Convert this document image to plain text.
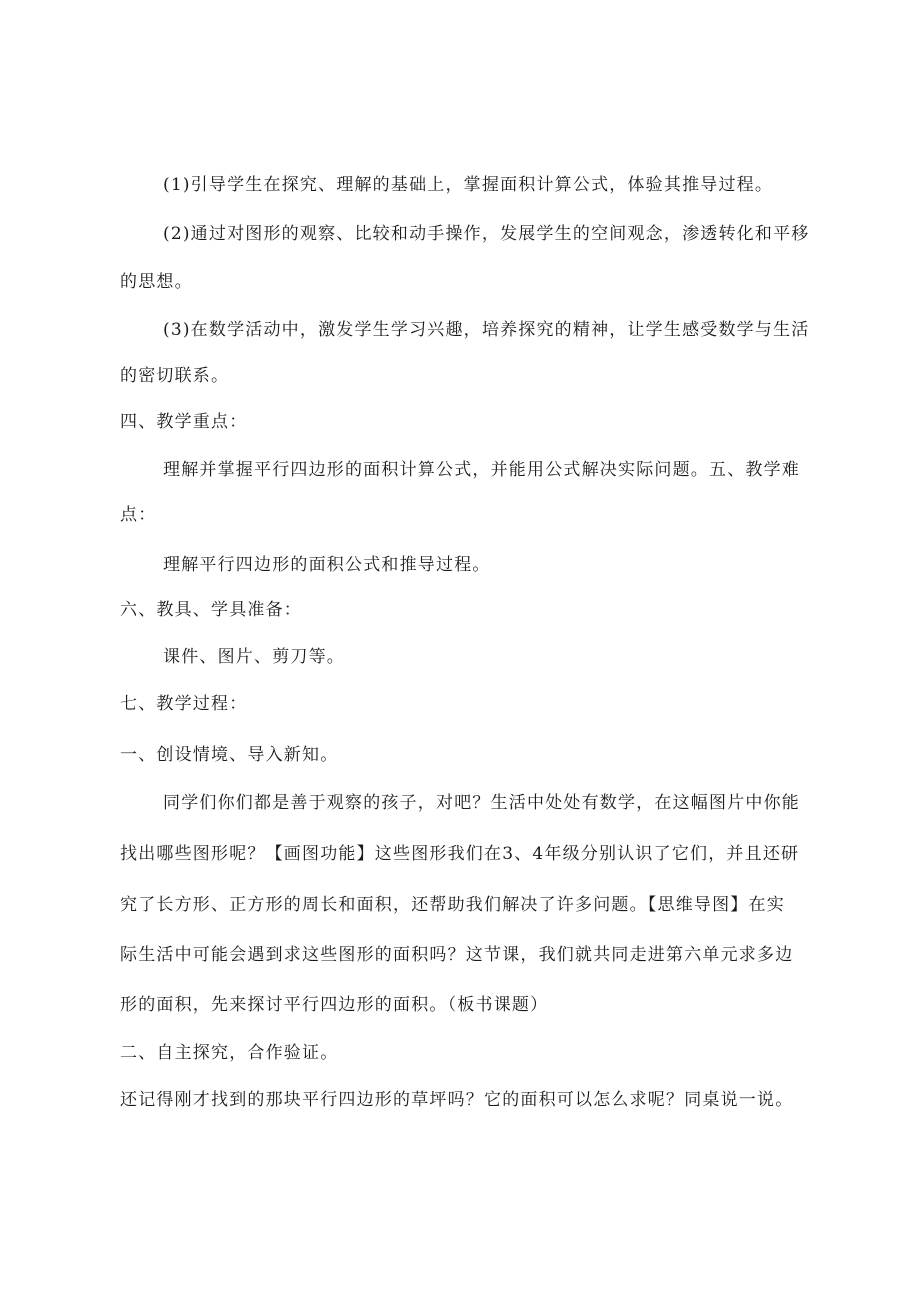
(1)引导学生在探究、理解的基础上，掌握面积计算公式，体验其推导过程。
(2)通过对图形的观察、比较和动手操作，发展学生的空间观念，渗透转化和平移
的思想。
(3)在数学活动中，激发学生学习兴趣，培养探究的精神，让学生感受数学与生活
的密切联系。
四、教学重点：
理解并掌握平行四边形的面积计算公式，并能用公式解决实际问题。五、教学难
点：
理解平行四边形的面积公式和推导过程。
六、教具、学具准备：
课件、图片、剪刀等。
七、教学过程：
一、创设情境、导入新知。
同学们你们都是善于观察的孩子，对吧？生活中处处有数学，在这幅图片中你能
找出哪些图形呢？【画图功能】这些图形我们在3、4年级分别认识了它们，并且还研
究了长方形、正方形的周长和面积，还帮助我们解决了许多问题。【思维导图】在实
际生活中可能会遇到求这些图形的面积吗？这节课，我们就共同走进第六单元求多边
形的面积，先来探讨平行四边形的面积。（板书课题）
二、自主探究，合作验证。
还记得刚才找到的那块平行四边形的草坪吗？它的面积可以怎么求呢？同桌说一说。
